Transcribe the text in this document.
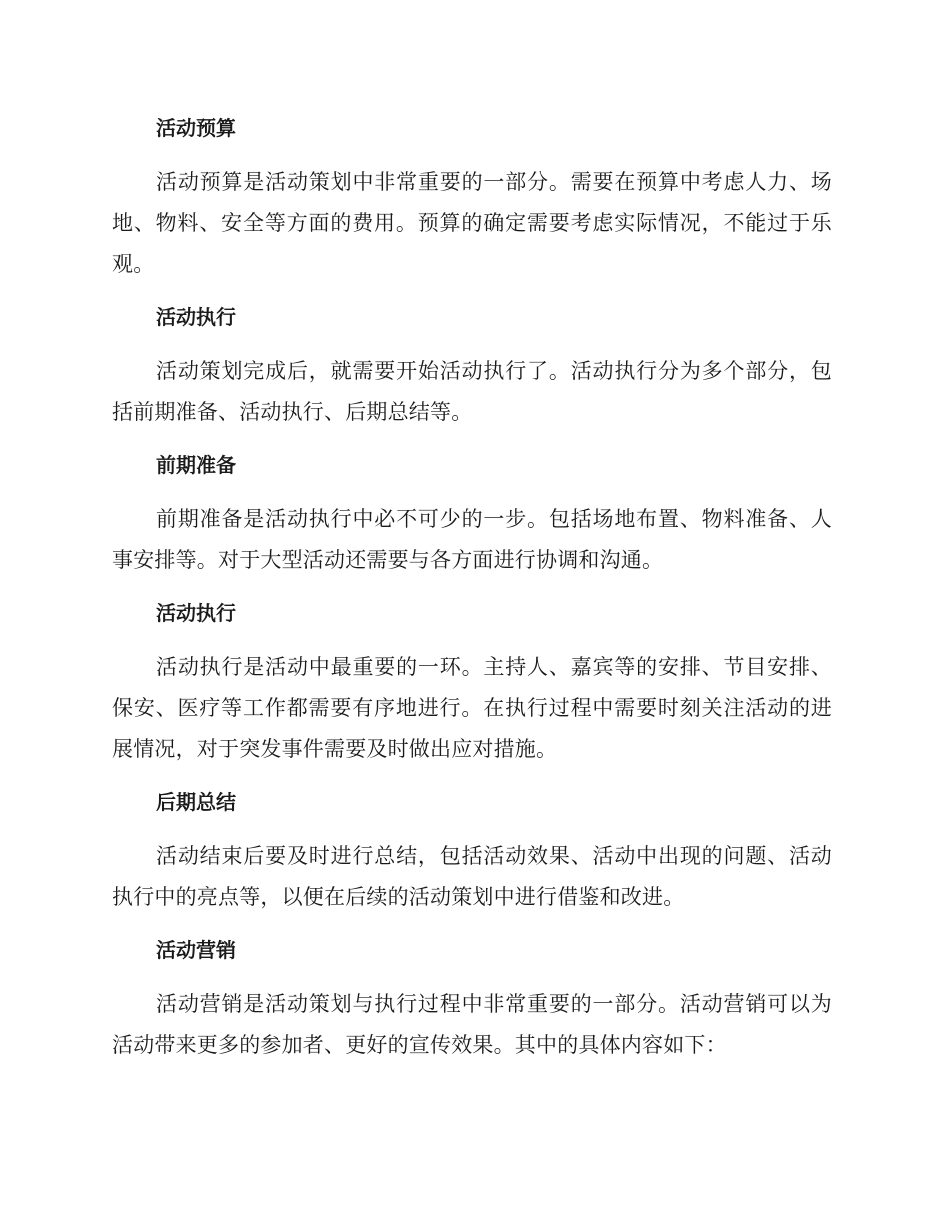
活动预算

活动预算是活动策划中非常重要的一部分。需要在预算中考虑人力、场地、物料、安全等方面的费用。预算的确定需要考虑实际情况，不能过于乐观。

活动执行

活动策划完成后，就需要开始活动执行了。活动执行分为多个部分，包括前期准备、活动执行、后期总结等。

前期准备

前期准备是活动执行中必不可少的一步。包括场地布置、物料准备、人事安排等。对于大型活动还需要与各方面进行协调和沟通。

活动执行

活动执行是活动中最重要的一环。主持人、嘉宾等的安排、节目安排、保安、医疗等工作都需要有序地进行。在执行过程中需要时刻关注活动的进展情况，对于突发事件需要及时做出应对措施。

后期总结

活动结束后要及时进行总结，包括活动效果、活动中出现的问题、活动执行中的亮点等，以便在后续的活动策划中进行借鉴和改进。

活动营销

活动营销是活动策划与执行过程中非常重要的一部分。活动营销可以为活动带来更多的参加者、更好的宣传效果。其中的具体内容如下：
